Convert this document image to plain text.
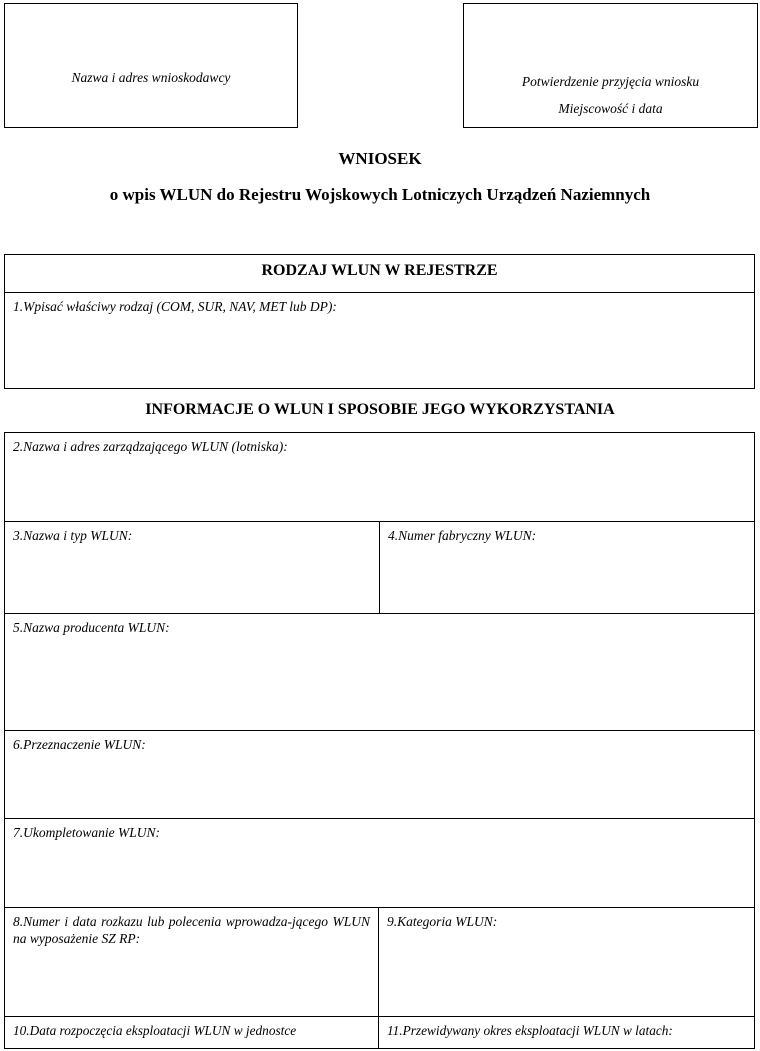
Nazwa i adres wnioskodawcy	Potwierdzenie przyjęcia wniosku
Miejscowość i data
WNIOSEK
o wpis WLUN do Rejestru Wojskowych Lotniczych Urządzeń Naziemnych
RODZAJ WLUN W REJESTRZE
1.Wpisać właściwy rodzaj (COM, SUR, NAV, MET lub DP):
INFORMACJE O WLUN I SPOSOBIE JEGO WYKORZYSTANIA
2.Nazwa i adres zarządzającego WLUN (lotniska):
3.Nazwa i typ WLUN:	4.Numer fabryczny WLUN:
5.Nazwa producenta WLUN:
6.Przeznaczenie WLUN:
7.Ukompletowanie WLUN:
8.Numer i data rozkazu lub polecenia wprowadza-jącego WLUN na wyposażenie SZ RP:
9.Kategoria WLUN:
10.Data rozpoczęcia eksploatacji WLUN w jednostce	11.Przewidywany okres eksploatacji WLUN w latach:
